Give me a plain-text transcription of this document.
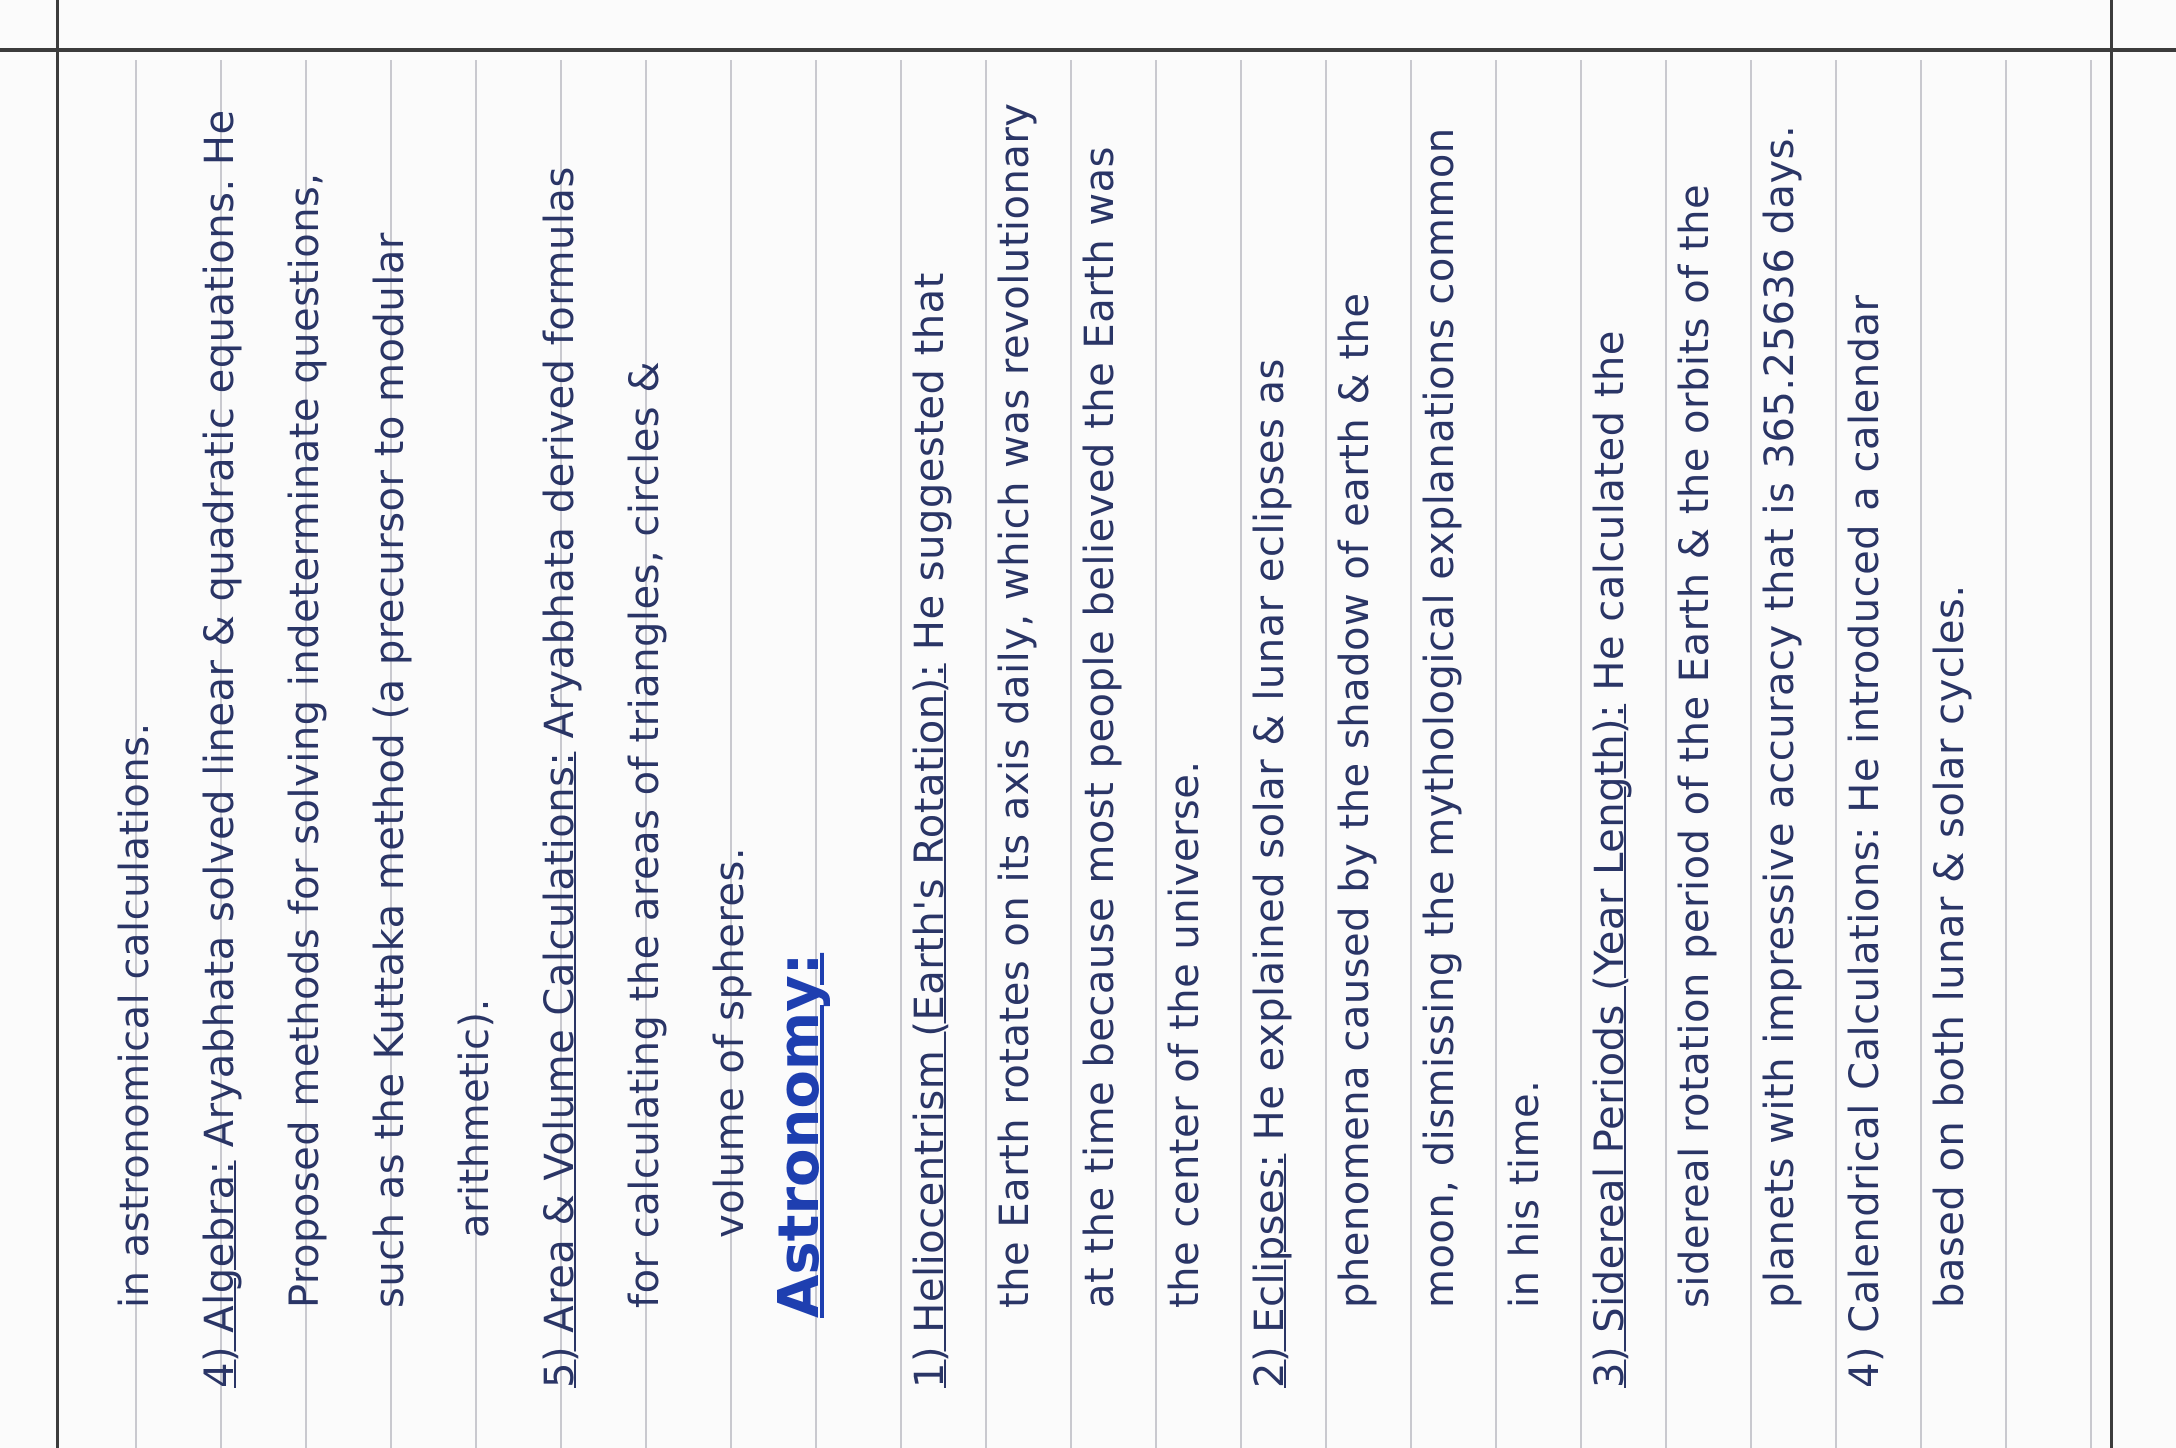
in astronomical calculations. 4) Algebra: Aryabhata solved linear & quadratic equations. He Proposed methods for solving indeterminate questions, such as the Kuttaka method (a precursor to modular arithmetic). 5) Area & Volume Calculations: Aryabhata derived formulas for calculating the areas of triangles, circles & volume of spheres. Astronomy:	1) Heliocentrism (Earth's Rotation): He suggested that the Earth rotates on its axis daily, which was revolutionary at the time because most people believed the Earth was the center of the universe. 2) Eclipses: He explained solar & lunar eclipses as phenomena caused by the shadow of earth & the moon, dismissing the mythological explanations common in his time. 3) Sidereal Periods (Year Length): He calculated the sidereal rotation period of the Earth & the orbits of the planets with impressive accuracy that is 365.25636 days. 4) Calendrical Calculations: He introduced a calendar
based on both lunar & solar cycles.
